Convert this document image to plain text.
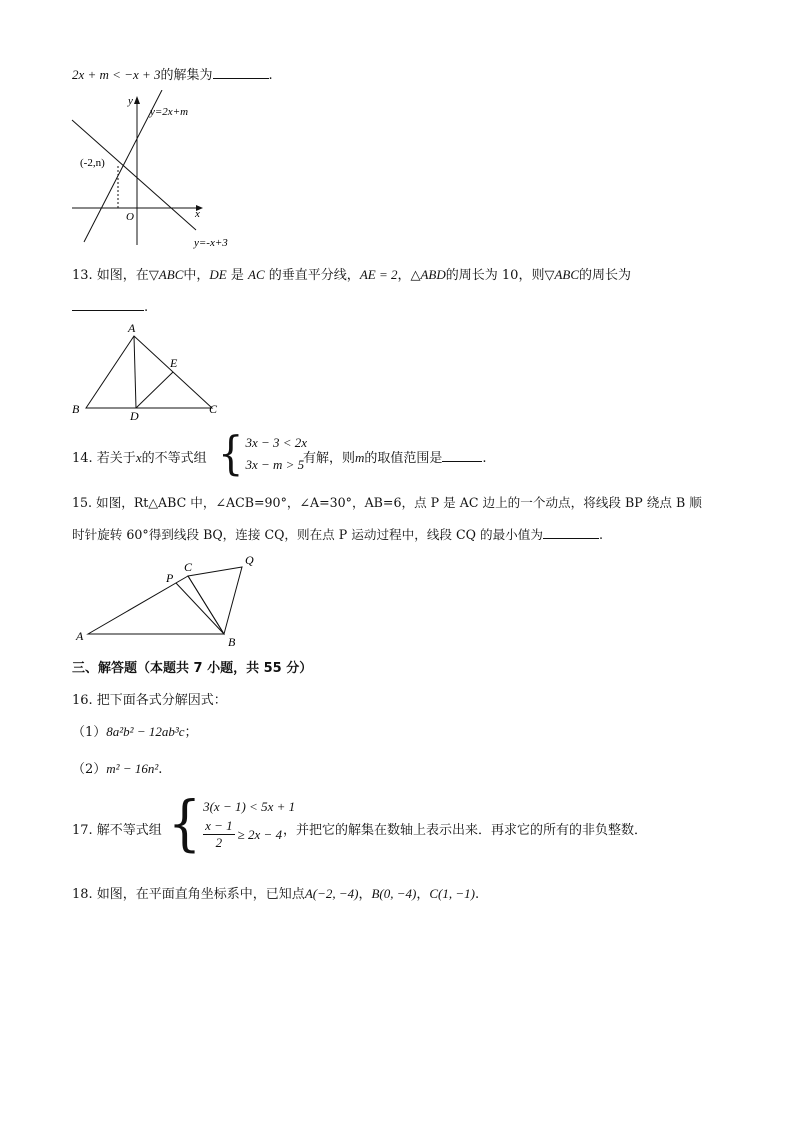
2x + m < −x + 3的解集为	.
y
x
O
y=2x+m
y=-x+3
(-2,n)
13. 如图，在▽ABC中，DE 是 AC 的垂直平分线，AE = 2，△ABD的周长为 10，则▽ABC的周长为
.
A
B	C
D
E
14. 若关于x的不等式组 { 3x − 3 < 2x
3x − m > 5
有解，则m的取值范围是	.
15. 如图，Rt△ABC 中，∠ACB=90°，∠A=30°，AB=6，点 P 是 AC 边上的一个动点，将线段 BP 绕点 B 顺
时针旋转 60°得到线段 BQ，连接 CQ，则在点 P 运动过程中，线段 CQ 的最小值为	.
A	B
C
P
Q
三、解答题（本题共 7 小题，共 55 分）
16. 把下面各式分解因式：
（1）8a²b² − 12ab³c；
（2）m² − 16n².
17. 解不等式组 { 3(x − 1) < 5x + 1
$\frac{x - 1}{2} \ge 2x - 4$ ，并把它的解集在数轴上表示出来．再求它的所有的非负整数．
18. 如图，在平面直角坐标系中，已知点A(−2, −4)，B(0, −4)，C(1, −1).
